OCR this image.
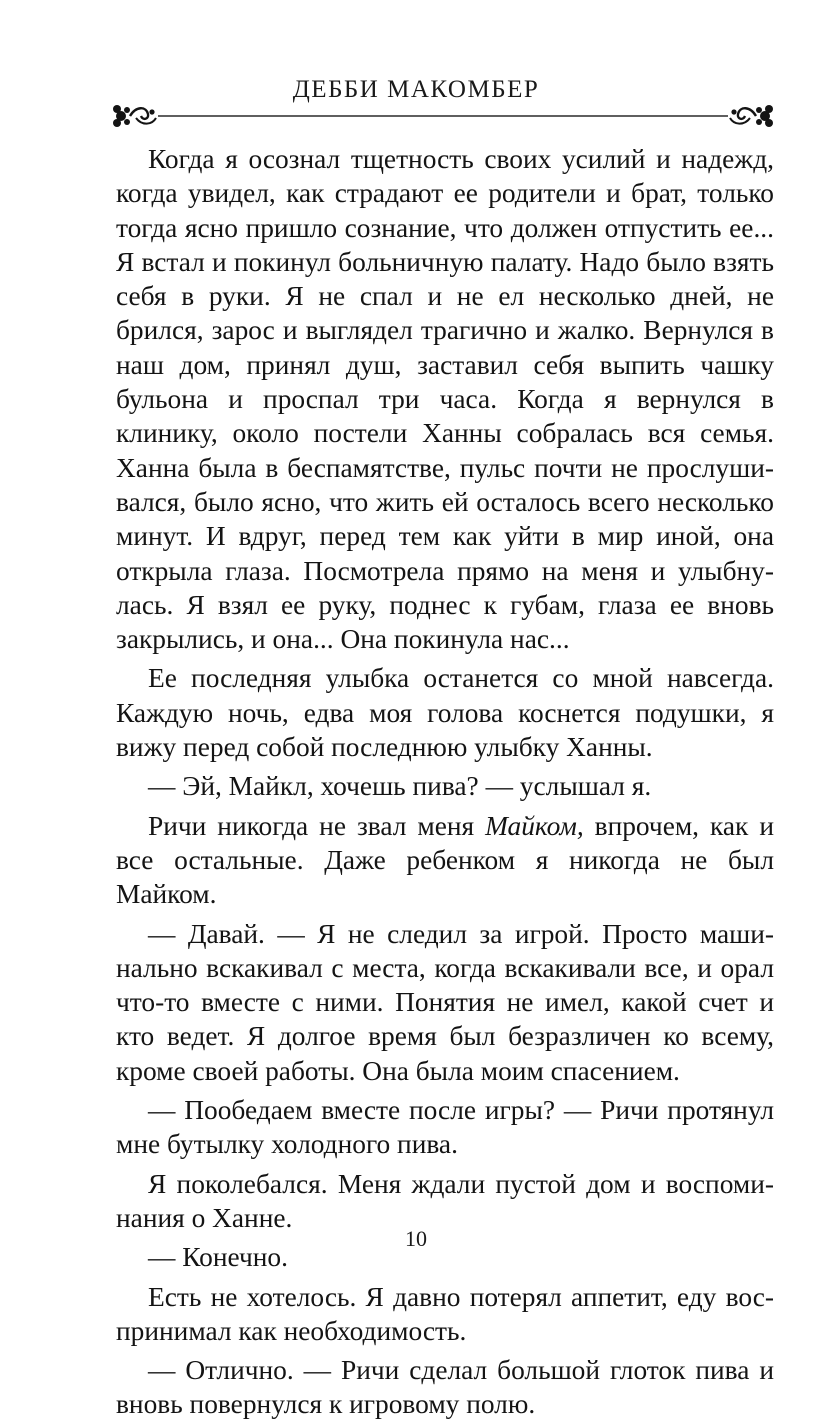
ДЕББИ МАКОМБЕР

Когда я осознал тщетность своих усилий и надежд, когда увидел, как страдают ее родители и брат, только тогда ясно пришло сознание, что должен отпустить ее... Я встал и покинул больничную палату. Надо было взять себя в руки. Я не спал и не ел несколько дней, не брился, зарос и выглядел трагично и жалко. Вернулся в наш дом, принял душ, заставил себя выпить чашку бульона и проспал три часа. Когда я вернулся в клинику, около постели Ханны собралась вся семья. Ханна была в беспамятстве, пульс почти не прослушивался, было ясно, что жить ей осталось всего несколько минут. И вдруг, перед тем как уйти в мир иной, она открыла глаза. Посмотрела прямо на меня и улыбнулась. Я взял ее руку, поднес к губам, глаза ее вновь закрылись, и она... Она покинула нас...

Ее последняя улыбка останется со мной навсегда. Каждую ночь, едва моя голова коснется подушки, я вижу перед собой последнюю улыбку Ханны.

— Эй, Майкл, хочешь пива? — услышал я.

Ричи никогда не звал меня Майком, впрочем, как и все остальные. Даже ребенком я никогда не был Майком.

— Давай. — Я не следил за игрой. Просто машинально вскакивал с места, когда вскакивали все, и орал что-то вместе с ними. Понятия не имел, какой счет и кто ведет. Я долгое время был безразличен ко всему, кроме своей работы. Она была моим спасением.

— Пообедаем вместе после игры? — Ричи протянул мне бутылку холодного пива.

Я поколебался. Меня ждали пустой дом и воспоминания о Ханне.

— Конечно.

Есть не хотелось. Я давно потерял аппетит, еду воспринимал как необходимость.

— Отлично. — Ричи сделал большой глоток пива и вновь повернулся к игровому полю.

10
